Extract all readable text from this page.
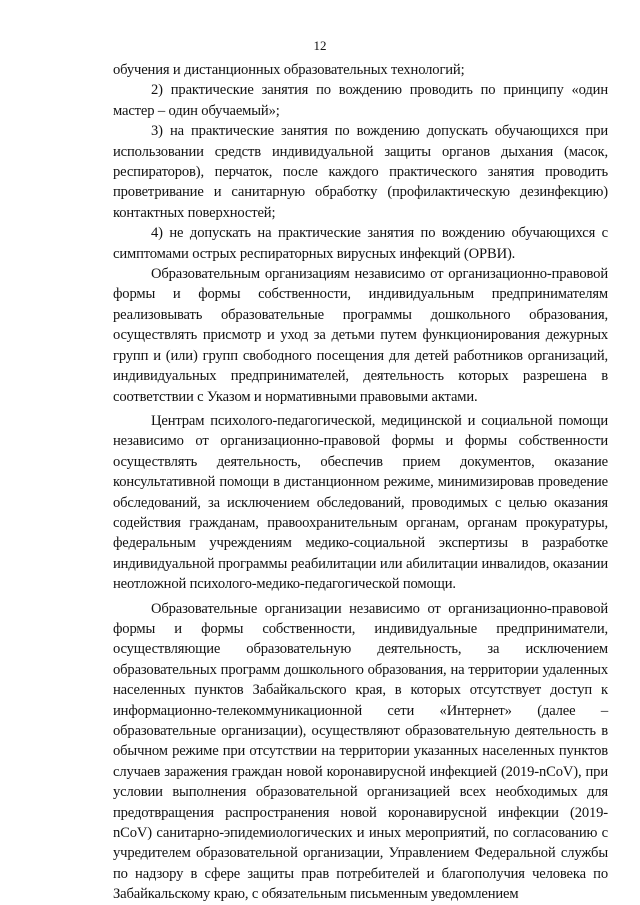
12

обучения и дистанционных образовательных технологий;

2) практические занятия по вождению проводить по принципу «один мастер – один обучаемый»;

3) на практические занятия по вождению допускать обучающихся при использовании средств индивидуальной защиты органов дыхания (масок, респираторов), перчаток, после каждого практического занятия проводить проветривание и санитарную обработку (профилактическую дезинфекцию) контактных поверхностей;

4) не допускать на практические занятия по вождению обучающихся с симптомами острых респираторных вирусных инфекций (ОРВИ).

Образовательным организациям независимо от организационно-правовой формы и формы собственности, индивидуальным предпринимателям реализовывать образовательные программы дошкольного образования, осуществлять присмотр и уход за детьми путем функционирования дежурных групп и (или) групп свободного посещения для детей работников организаций, индивидуальных предпринимателей, деятельность которых разрешена в соответствии с Указом и нормативными правовыми актами.

Центрам психолого-педагогической, медицинской и социальной помощи независимо от организационно-правовой формы и формы собственности осуществлять деятельность, обеспечив прием документов, оказание консультативной помощи в дистанционном режиме, минимизировав проведение обследований, за исключением обследований, проводимых с целью оказания содействия гражданам, правоохранительным органам, органам прокуратуры, федеральным учреждениям медико-социальной экспертизы в разработке индивидуальной программы реабилитации или абилитации инвалидов, оказании неотложной психолого-медико-педагогической помощи.

Образовательные организации независимо от организационно-правовой формы и формы собственности, индивидуальные предприниматели, осуществляющие образовательную деятельность, за исключением образовательных программ дошкольного образования, на территории удаленных населенных пунктов Забайкальского края, в которых отсутствует доступ к информационно-телекоммуникационной сети «Интернет» (далее – образовательные организации), осуществляют образовательную деятельность в обычном режиме при отсутствии на территории указанных населенных пунктов случаев заражения граждан новой коронавирусной инфекцией (2019-nCoV), при условии выполнения образовательной организацией всех необходимых для предотвращения распространения новой коронавирусной инфекции (2019-nCoV) санитарно-эпидемиологических и иных мероприятий, по согласованию с учредителем образовательной организации, Управлением Федеральной службы по надзору в сфере защиты прав потребителей и благополучия человека по Забайкальскому краю, с обязательным письменным уведомлением
